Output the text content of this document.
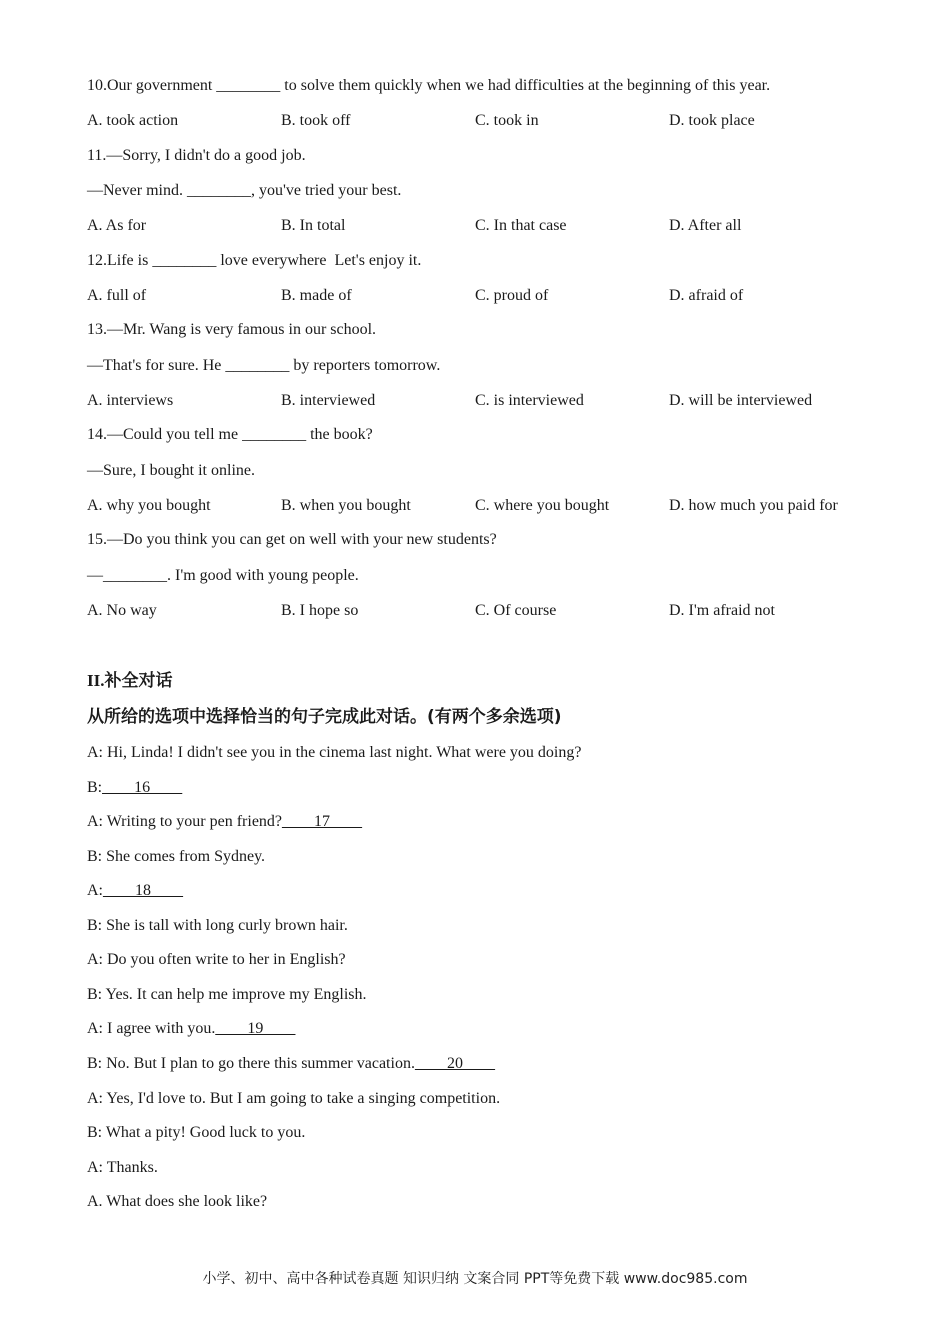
10.Our government ________ to solve them quickly when we had difficulties at the beginning of this year.
A. took action	B. took off	C. took in	D. took place
11.—Sorry, I didn't do a good job.
—Never mind. ________, you've tried your best.
A. As for	B. In total	C. In that case	D. After all
12.Life is ________ love everywhere  Let's enjoy it.
A. full of	B. made of	C. proud of	D. afraid of
13.—Mr. Wang is very famous in our school.
—That's for sure. He ________ by reporters tomorrow.
A. interviews	B. interviewed	C. is interviewed	D. will be interviewed
14.—Could you tell me ________ the book?
—Sure, I bought it online.
A. why you bought	B. when you bought	C. where you bought	D. how much you paid for
15.—Do you think you can get on well with your new students?
—________. I'm good with young people.
A. No way	B. I hope so	C. Of course	D. I'm afraid not
II.补全对话
从所给的选项中选择恰当的句子完成此对话。(有两个多余选项)
A: Hi, Linda! I didn't see you in the cinema last night. What were you doing?
B:____16____
A: Writing to your pen friend?____17____
B: She comes from Sydney.
A:____18____
B: She is tall with long curly brown hair.
A: Do you often write to her in English?
B: Yes. It can help me improve my English.
A: I agree with you.____19____
B: No. But I plan to go there this summer vacation.____20____
A: Yes, I'd love to. But I am going to take a singing competition.
B: What a pity! Good luck to you.
A: Thanks.
A. What does she look like?
小学、初中、高中各种试卷真题 知识归纳 文案合同 PPT等免费下载 www.doc985.com
